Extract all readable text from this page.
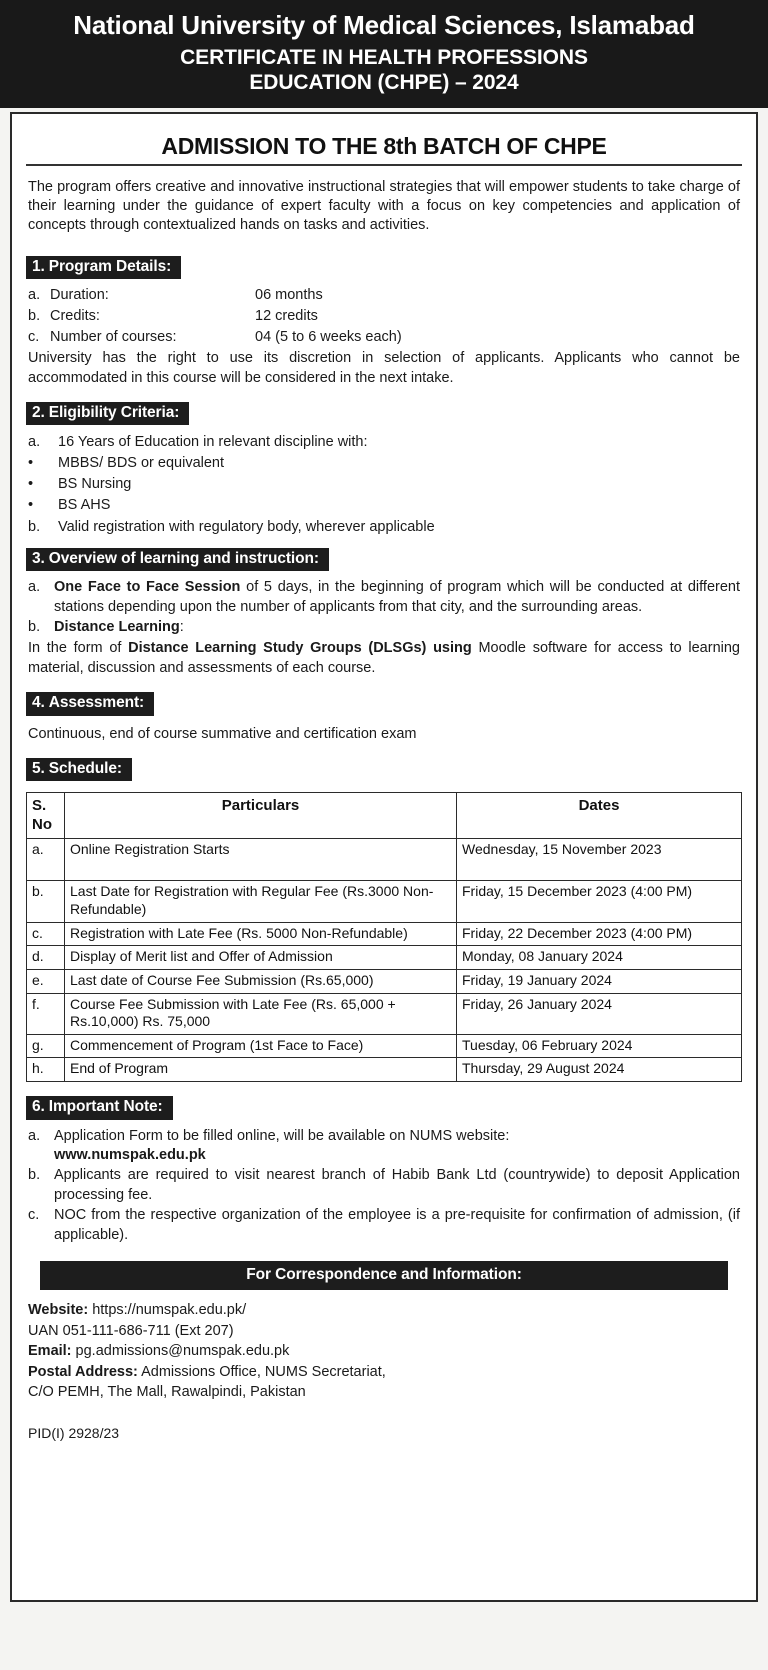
National University of Medical Sciences, Islamabad
CERTIFICATE IN HEALTH PROFESSIONS
EDUCATION (CHPE) – 2024
ADMISSION TO THE 8th BATCH OF CHPE
The program offers creative and innovative instructional strategies that will empower students to take charge of their learning under the guidance of expert faculty with a focus on key competencies and application of concepts through contextualized hands on tasks and activities.
1. Program Details:
a. Duration:	06 months
b. Credits:	12 credits
c. Number of courses:	04 (5 to 6 weeks each)
University has the right to use its discretion in selection of applicants. Applicants who cannot be accommodated in this course will be considered in the next intake.
2. Eligibility Criteria:
a.	16 Years of Education in relevant discipline with:
•	MBBS/ BDS or equivalent
•	BS Nursing
•	BS AHS
b.	Valid registration with regulatory body, wherever applicable
3. Overview of learning and instruction:
a. One Face to Face Session of 5 days, in the beginning of program which will be conducted at different stations depending upon the number of applicants from that city, and the surrounding areas.
b. Distance Learning:
In the form of Distance Learning Study Groups (DLSGs) using Moodle software for access to learning material, discussion and assessments of each course.
4. Assessment:
Continuous, end of course summative and certification exam
5. Schedule:
S. No	Particulars	Dates
a.	Online Registration Starts	Wednesday, 15 November 2023
b.	Last Date for Registration with Regular Fee (Rs.3000 Non-Refundable)	Friday, 15 December 2023 (4:00 PM)
c.	Registration with Late Fee (Rs. 5000 Non-Refundable)	Friday, 22 December 2023 (4:00 PM)
d.	Display of Merit list and Offer of Admission	Monday, 08 January 2024
e.	Last date of Course Fee Submission (Rs.65,000)	Friday, 19 January 2024
f.	Course Fee Submission with Late Fee (Rs. 65,000 + Rs.10,000) Rs. 75,000	Friday, 26 January 2024
g.	Commencement of Program (1st Face to Face)	Tuesday, 06 February 2024
h.	End of Program	Thursday, 29 August 2024
6. Important Note:
a. Application Form to be filled online, will be available on NUMS website:
www.numspak.edu.pk
b. Applicants are required to visit nearest branch of Habib Bank Ltd (countrywide) to deposit Application processing fee.
c.	NOC from the respective organization of the employee is a pre-requisite for confirmation of admission, (if applicable).
For Correspondence and Information:
Website: https://numspak.edu.pk/
UAN 051-111-686-711 (Ext 207)
Email: pg.admissions@numspak.edu.pk
Postal Address: Admissions Office, NUMS Secretariat,
C/O PEMH, The Mall, Rawalpindi, Pakistan
PID(I) 2928/23
